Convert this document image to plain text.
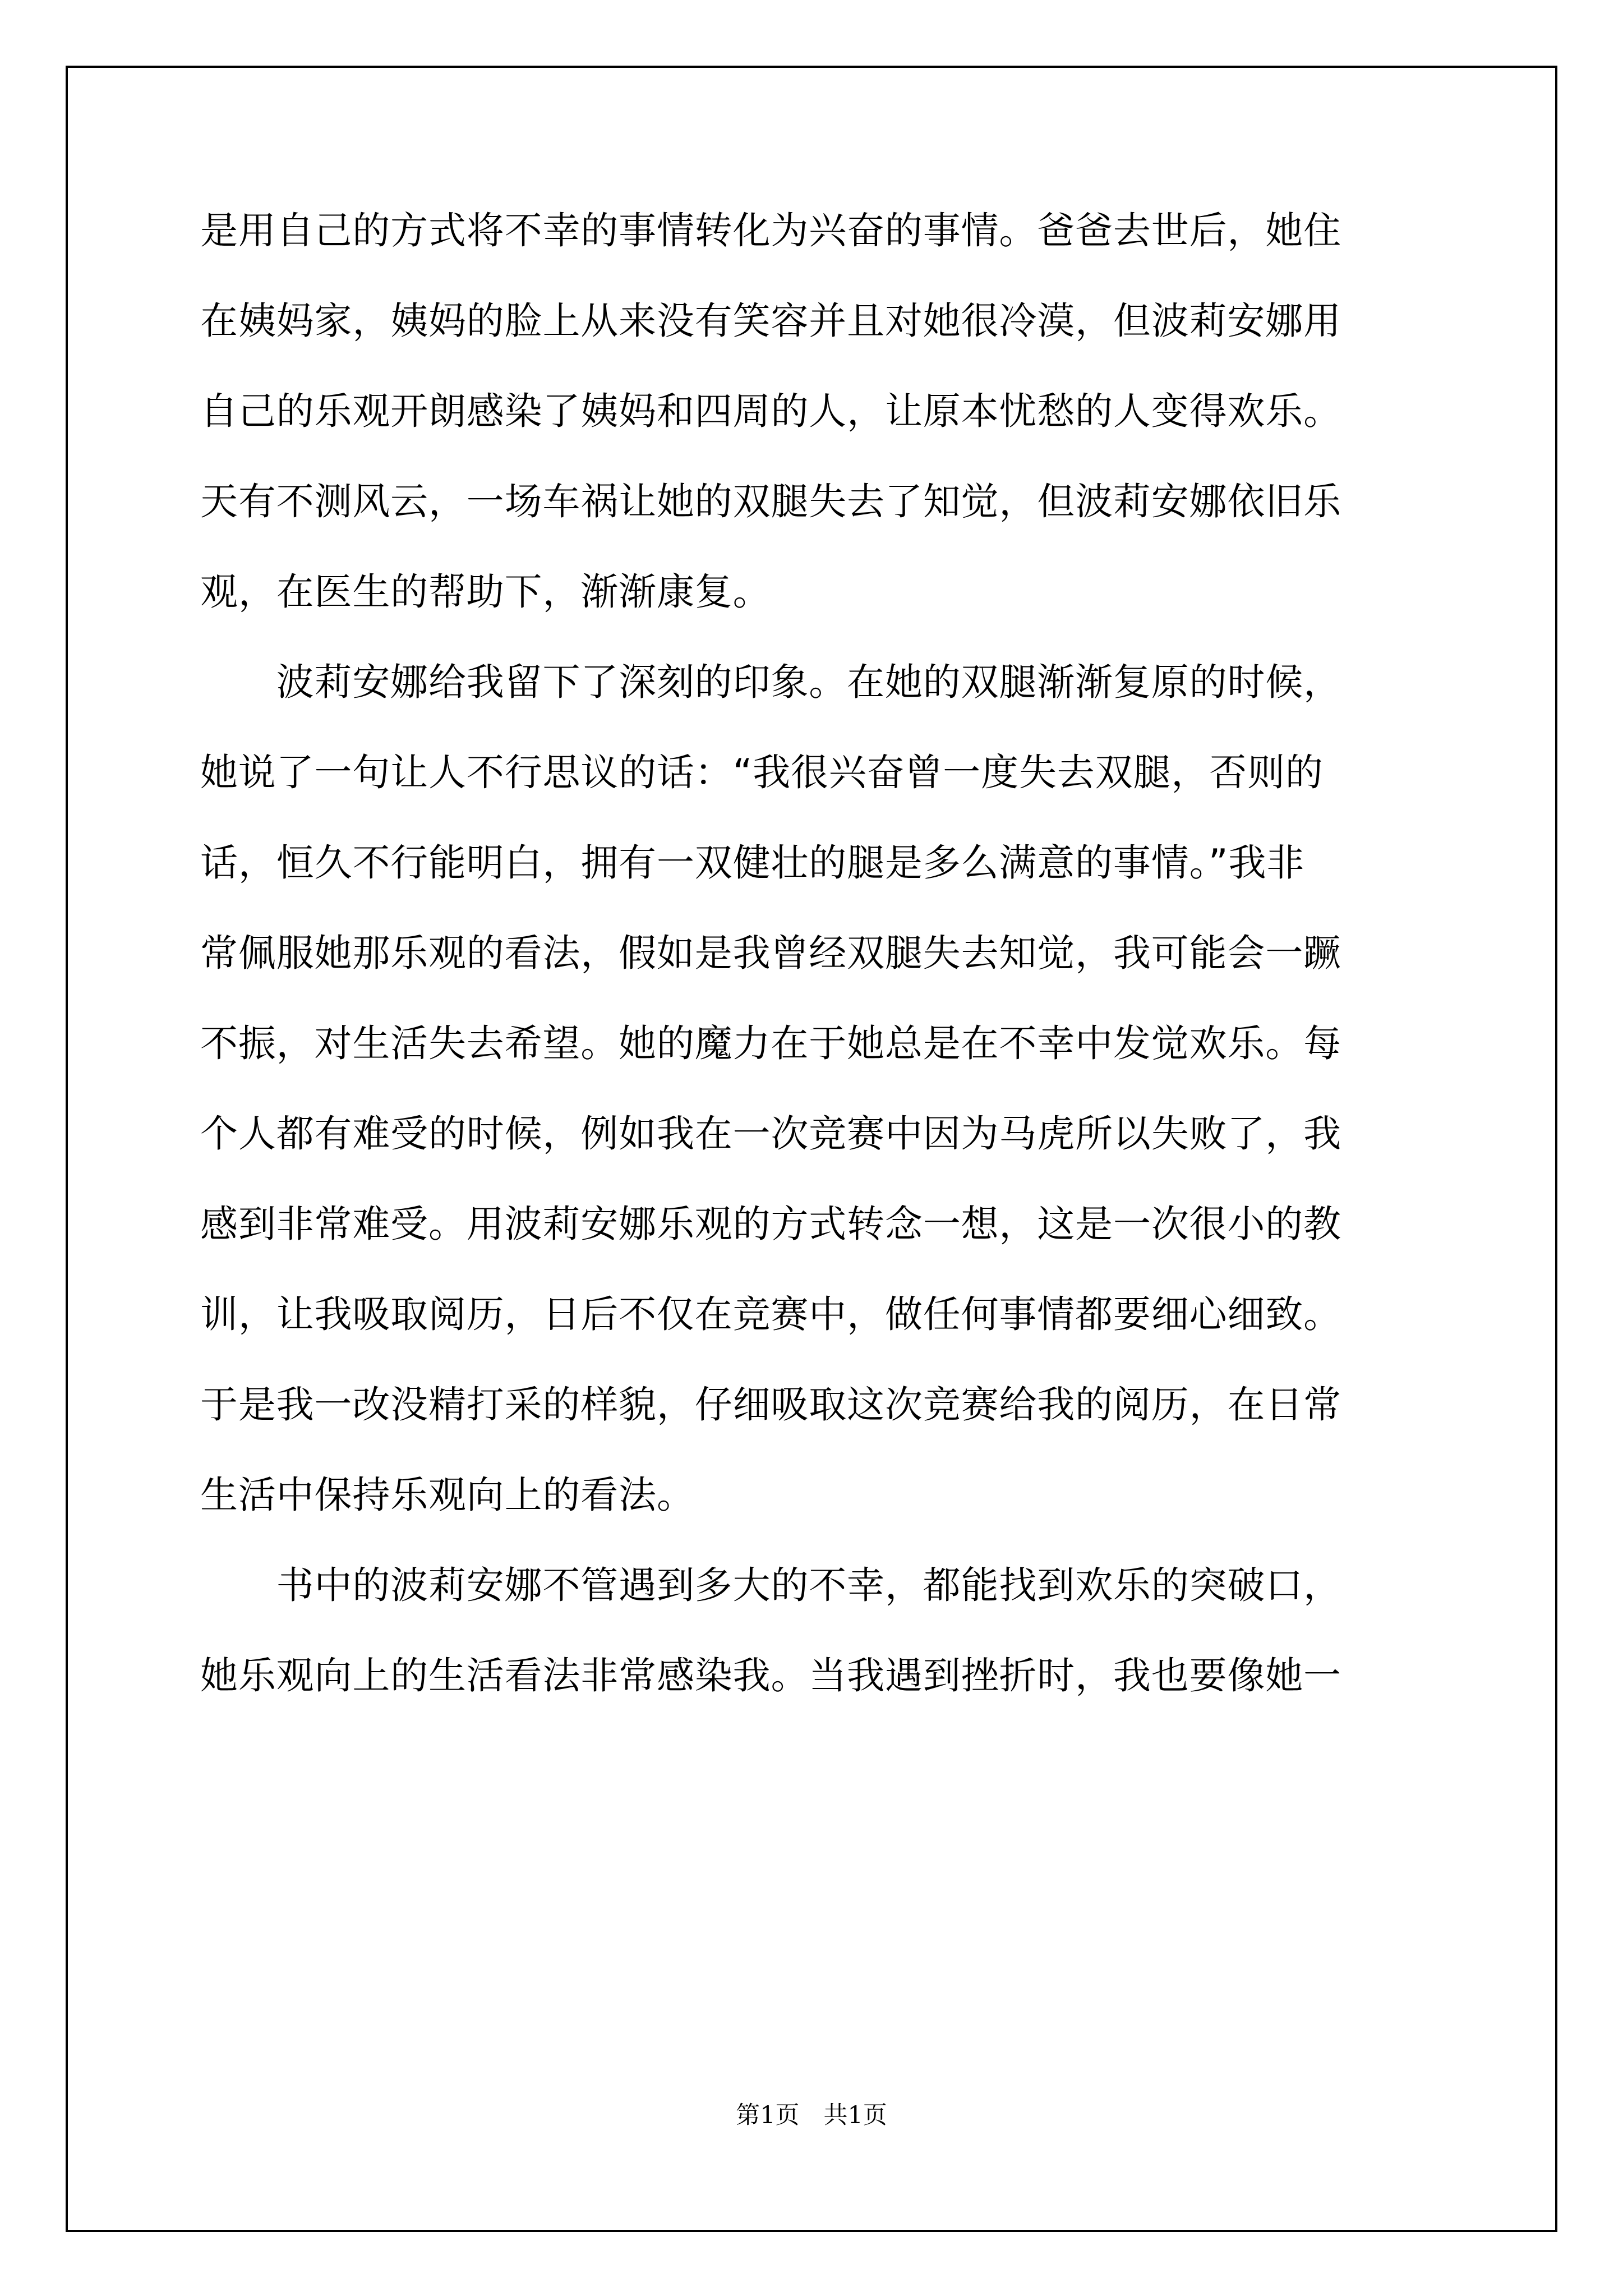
是用自己的方式将不幸的事情转化为兴奋的事情。爸爸去世后，她住

在姨妈家，姨妈的脸上从来没有笑容并且对她很冷漠，但波莉安娜用

自己的乐观开朗感染了姨妈和四周的人，让原本忧愁的人变得欢乐。

天有不测风云，一场车祸让她的双腿失去了知觉，但波莉安娜依旧乐

观，在医生的帮助下，渐渐康复。

　　波莉安娜给我留下了深刻的印象。在她的双腿渐渐复原的时候，

她说了一句让人不行思议的话：“我很兴奋曾一度失去双腿，否则的

话，恒久不行能明白，拥有一双健壮的腿是多么满意的事情。”我非

常佩服她那乐观的看法，假如是我曾经双腿失去知觉，我可能会一蹶

不振，对生活失去希望。她的魔力在于她总是在不幸中发觉欢乐。每

个人都有难受的时候，例如我在一次竞赛中因为马虎所以失败了，我

感到非常难受。用波莉安娜乐观的方式转念一想，这是一次很小的教

训，让我吸取阅历，日后不仅在竞赛中，做任何事情都要细心细致。

于是我一改没精打采的样貌，仔细吸取这次竞赛给我的阅历，在日常

生活中保持乐观向上的看法。

　　书中的波莉安娜不管遇到多大的不幸，都能找到欢乐的突破口，

她乐观向上的生活看法非常感染我。当我遇到挫折时，我也要像她一

第1页　共1页
